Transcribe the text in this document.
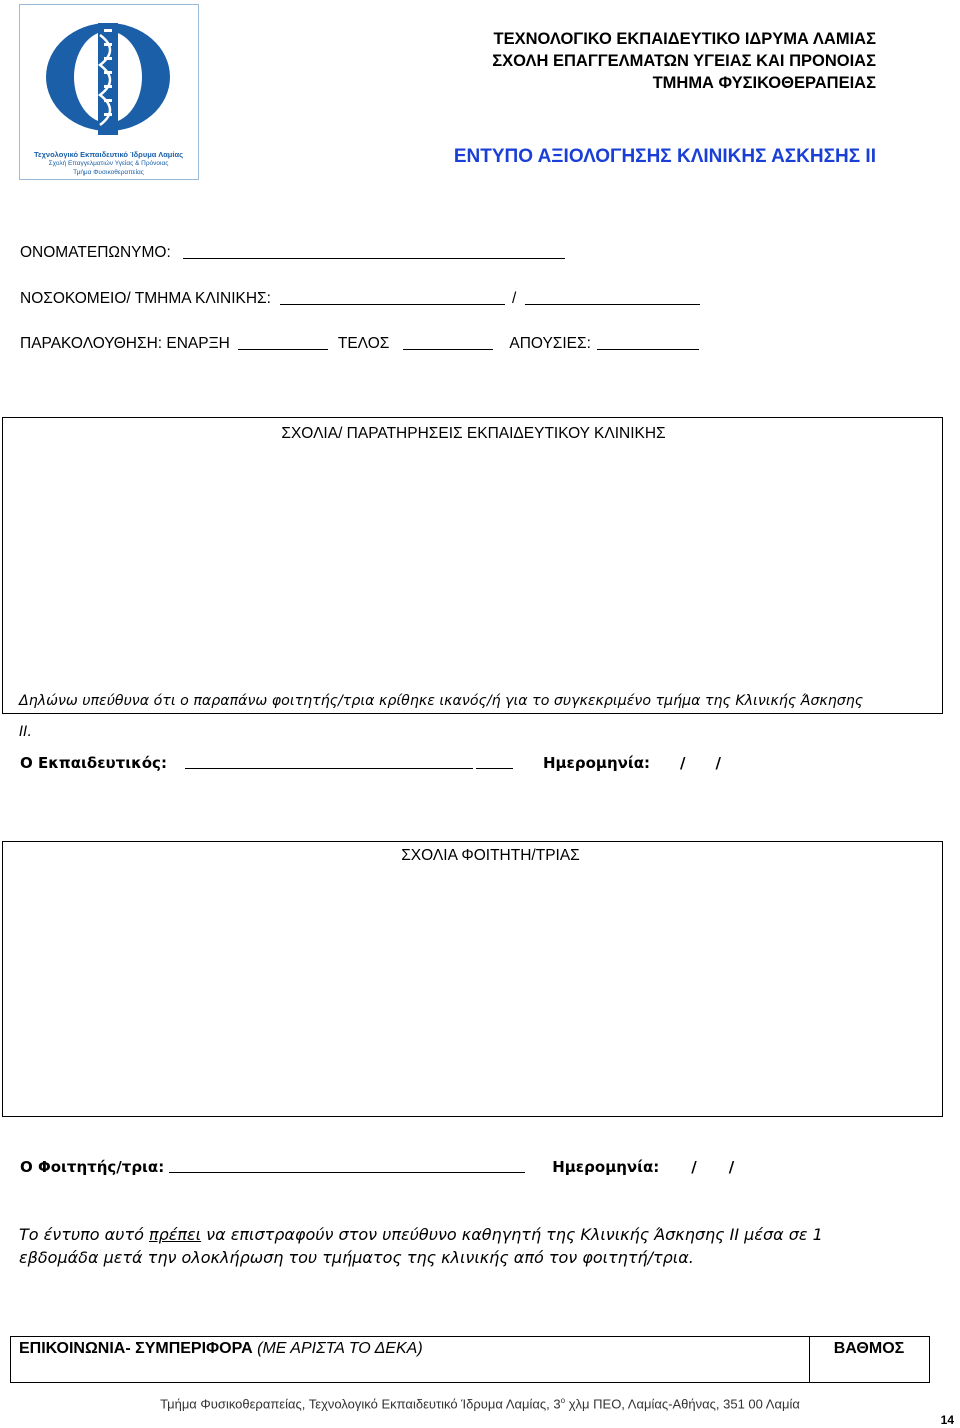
Τεχνολογικό Εκπαιδευτικό Ίδρυμα Λαμίας
Σχολή Επαγγελματιών Υγείας & Πρόνοιας
Τμήμα Φυσικοθεραπείας
ΤΕΧΝΟΛΟΓΙΚΟ ΕΚΠΑΙΔΕΥΤΙΚΟ ΙΔΡΥΜΑ ΛΑΜΙΑΣ
ΣΧΟΛΗ ΕΠΑΓΓΕΛΜΑΤΩΝ ΥΓΕΙΑΣ ΚΑΙ ΠΡΟΝΟΙΑΣ
ΤΜΗΜΑ ΦΥΣΙΚΟΘΕΡΑΠΕΙΑΣ
ΕΝΤΥΠΟ ΑΞΙΟΛΟΓΗΣΗΣ ΚΛΙΝΙΚΗΣ ΑΣΚΗΣΗΣ ΙΙ
ΟΝΟΜΑΤΕΠΩΝΥΜΟ:
ΝΟΣΟΚΟΜΕΙΟ/ ΤΜΗΜΑ ΚΛΙΝΙΚΗΣ:	/
ΠΑΡΑΚΟΛΟΥΘΗΣΗ: ΕΝΑΡΞΗ	ΤΕΛΟΣ	ΑΠΟΥΣΙΕΣ:
ΣΧΟΛΙΑ/ ΠΑΡΑΤΗΡΗΣΕΙΣ ΕΚΠΑΙΔΕΥΤΙΚΟΥ ΚΛΙΝΙΚΗΣ
Δηλώνω υπεύθυνα ότι ο παραπάνω φοιτητής/τρια κρίθηκε ικανός/ή για το συγκεκριμένο τμήμα της Κλινικής Άσκησης
ΙΙ.
Ο Εκπαιδευτικός:	Ημερομηνία: / /
ΣΧΟΛΙΑ ΦΟΙΤΗΤΗ/ΤΡΙΑΣ
Ο Φοιτητής/τρια:	Ημερομηνία: / /
Το έντυπο αυτό πρέπει να επιστραφούν στον υπεύθυνο καθηγητή της Κλινικής Άσκησης ΙΙ μέσα σε 1
εβδομάδα μετά την ολοκλήρωση του τμήματος της κλινικής από τον φοιτητή/τρια.
ΕΠΙΚΟΙΝΩΝΙΑ- ΣΥΜΠΕΡΙΦΟΡΑ (ΜΕ ΑΡΙΣΤΑ ΤΟ ΔΕΚΑ)	ΒΑΘΜΟΣ
Τμήμα Φυσικοθεραπείας, Τεχνολογικό Εκπαιδευτικό Ίδρυμα Λαμίας, $3^o$ χλμ ΠΕΟ, Λαμίας-Αθήνας, 351 00 Λαμία
14
